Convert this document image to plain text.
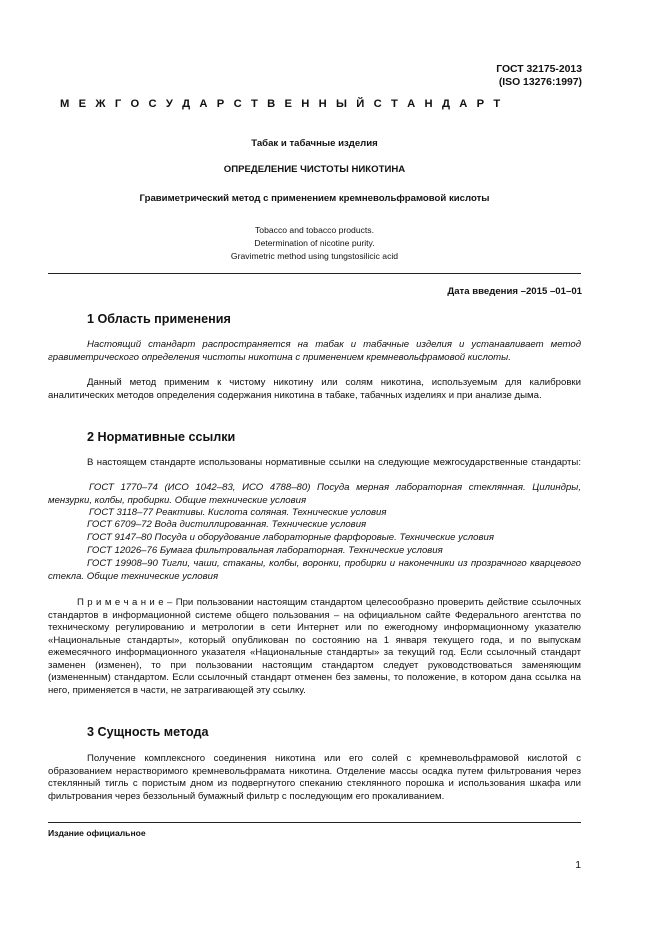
ГОСТ 32175-2013
(ISO 13276:1997)
М Е Ж Г О С У Д А Р С Т В Е Н Н Ы Й С Т А Н Д А Р Т
Табак и табачные изделия
ОПРЕДЕЛЕНИЕ ЧИСТОТЫ НИКОТИНА
Гравиметрический метод с применением кремневольфрамовой кислоты
Tobacco and tobacco products.
Determination of nicotine purity.
Gravimetric method using tungstosilicic acid
Дата введения –2015 –01–01
1 Область применения
Настоящий стандарт распространяется на табак и табачные изделия и устанавливает метод гравиметрического определения чистоты никотина с применением кремневольфрамовой кислоты.
Данный метод применим к чистому никотину или солям никотина, используемым для калибровки аналитических методов определения содержания никотина в табаке, табачных изделиях и при анализе дыма.
2 Нормативные ссылки
В настоящем стандарте использованы нормативные ссылки на следующие межгосударственные стандарты:
ГОСТ 1770–74 (ИСО 1042–83, ИСО 4788–80) Посуда мерная лабораторная стеклянная. Цилиндры, мензурки, колбы, пробирки. Общие технические условия
ГОСТ 3118–77 Реактивы. Кислота соляная. Технические условия
ГОСТ 6709–72 Вода дистиллированная. Технические условия
ГОСТ 9147–80 Посуда и оборудование лабораторные фарфоровые. Технические условия
ГОСТ 12026–76 Бумага фильтровальная лабораторная. Технические условия
ГОСТ 19908–90 Тигли, чаши, стаканы, колбы, воронки, пробирки и наконечники из прозрачного кварцевого стекла. Общие технические условия
П р и м е ч а н и е – При пользовании настоящим стандартом целесообразно проверить действие ссылочных стандартов в информационной системе общего пользования – на официальном сайте Федерального агентства по техническому регулированию и метрологии в сети Интернет или по ежегодному информационному указателю «Национальные стандарты», который опубликован по состоянию на 1 января текущего года, и по выпускам ежемесячного информационного указателя «Национальные стандарты» за текущий год. Если ссылочный стандарт заменен (изменен), то при пользовании настоящим стандартом следует руководствоваться заменяющим (измененным) стандартом. Если ссылочный стандарт отменен без замены, то положение, в котором дана ссылка на него, применяется в части, не затрагивающей эту ссылку.
3 Сущность метода
Получение комплексного соединения никотина или его солей с кремневольфрамовой кислотой с образованием нерастворимого кремневольфрамата никотина. Отделение массы осадка путем фильтрования через стеклянный тигль с пористым дном из подвергнутого спеканию стеклянного порошка и использования шкафа или фильтрования через беззольный бумажный фильтр с последующим его прокаливанием.
Издание официальное
1
